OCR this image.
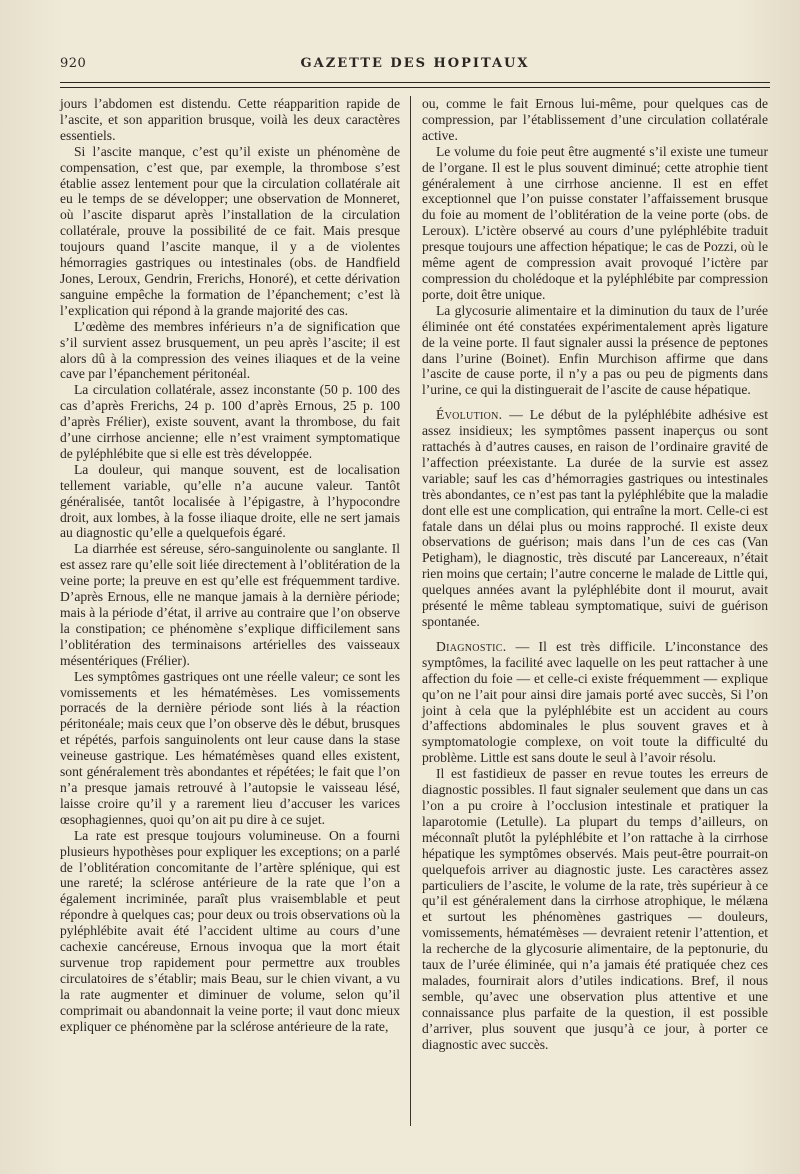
920	GAZETTE DES HOPITAUX

jours l’abdomen est distendu. Cette réapparition rapide de l’ascite, et son apparition brusque, voilà les deux caractères essentiels.

Si l’ascite manque, c’est qu’il existe un phénomène de compensation, c’est que, par exemple, la thrombose s’est établie assez lentement pour que la circulation collatérale ait eu le temps de se développer; une observation de Monneret, où l’ascite disparut après l’installation de la circulation collatérale, prouve la possibilité de ce fait. Mais presque toujours quand l’ascite manque, il y a de violentes hémorragies gastriques ou intestinales (obs. de Handfield Jones, Leroux, Gendrin, Frerichs, Honoré), et cette dérivation sanguine empêche la formation de l’épanchement; c’est là l’explication qui répond à la grande majorité des cas.

L’œdème des membres inférieurs n’a de signification que s’il survient assez brusquement, un peu après l’ascite; il est alors dû à la compression des veines iliaques et de la veine cave par l’épanchement péritonéal.

La circulation collatérale, assez inconstante (50 p. 100 des cas d’après Frerichs, 24 p. 100 d’après Ernous, 25 p. 100 d’après Frélier), existe souvent, avant la thrombose, du fait d’une cirrhose ancienne; elle n’est vraiment symptomatique de pyléphlébite que si elle est très développée.

La douleur, qui manque souvent, est de localisation tellement variable, qu’elle n’a aucune valeur. Tantôt généralisée, tantôt localisée à l’épigastre, à l’hypocondre droit, aux lombes, à la fosse iliaque droite, elle ne sert jamais au diagnostic qu’elle a quelquefois égaré.

La diarrhée est séreuse, séro-sanguinolente ou sanglante. Il est assez rare qu’elle soit liée directement à l’oblitération de la veine porte; la preuve en est qu’elle est fréquemment tardive. D’après Ernous, elle ne manque jamais à la dernière période; mais à la période d’état, il arrive au contraire que l’on observe la constipation; ce phénomène s’explique difficilement sans l’oblitération des terminaisons artérielles des vaisseaux mésentériques (Frélier).

Les symptômes gastriques ont une réelle valeur; ce sont les vomissements et les hématémèses. Les vomissements porracés de la dernière période sont liés à la réaction péritonéale; mais ceux que l’on observe dès le début, brusques et répétés, parfois sanguinolents ont leur cause dans la stase veineuse gastrique. Les hématémèses quand elles existent, sont généralement très abondantes et répétées; le fait que l’on n’a presque jamais retrouvé à l’autopsie le vaisseau lésé, laisse croire qu’il y a rarement lieu d’accuser les varices œsophagiennes, quoi qu’on ait pu dire à ce sujet.

La rate est presque toujours volumineuse. On a fourni plusieurs hypothèses pour expliquer les exceptions; on a parlé de l’oblitération concomitante de l’artère splénique, qui est une rareté; la sclérose antérieure de la rate que l’on a également incriminée, paraît plus vraisemblable et peut répondre à quelques cas; pour deux ou trois observations où la pyléphlébite avait été l’accident ultime au cours d’une cachexie cancéreuse, Ernous invoqua que la mort était survenue trop rapidement pour permettre aux troubles circulatoires de s’établir; mais Beau, sur le chien vivant, a vu la rate augmenter et diminuer de volume, selon qu’il comprimait ou abandonnait la veine porte; il vaut donc mieux expliquer ce phénomène par la sclérose antérieure de la rate,

ou, comme le fait Ernous lui-même, pour quelques cas de compression, par l’établissement d’une circulation collatérale active.

Le volume du foie peut être augmenté s’il existe une tumeur de l’organe. Il est le plus souvent diminué; cette atrophie tient généralement à une cirrhose ancienne. Il est en effet exceptionnel que l’on puisse constater l’affaissement brusque du foie au moment de l’oblitération de la veine porte (obs. de Leroux). L’ictère observé au cours d’une pyléphlébite traduit presque toujours une affection hépatique; le cas de Pozzi, où le même agent de compression avait provoqué l’ictère par compression du cholédoque et la pyléphlébite par compression porte, doit être unique.

La glycosurie alimentaire et la diminution du taux de l’urée éliminée ont été constatées expérimentalement après ligature de la veine porte. Il faut signaler aussi la présence de peptones dans l’urine (Boinet). Enfin Murchison affirme que dans l’ascite de cause porte, il n’y a pas ou peu de pigments dans l’urine, ce qui la distinguerait de l’ascite de cause hépatique.

Évolution. — Le début de la pyléphlébite adhésive est assez insidieux; les symptômes passent inaperçus ou sont rattachés à d’autres causes, en raison de l’ordinaire gravité de l’affection préexistante. La durée de la survie est assez variable; sauf les cas d’hémorragies gastriques ou intestinales très abondantes, ce n’est pas tant la pyléphlébite que la maladie dont elle est une complication, qui entraîne la mort. Celle-ci est fatale dans un délai plus ou moins rapproché. Il existe deux observations de guérison; mais dans l’un de ces cas (Van Petigham), le diagnostic, très discuté par Lancereaux, n’était rien moins que certain; l’autre concerne le malade de Little qui, quelques années avant la pyléphlébite dont il mourut, avait présenté le même tableau symptomatique, suivi de guérison spontanée.

Diagnostic. — Il est très difficile. L’inconstance des symptômes, la facilité avec laquelle on les peut rattacher à une affection du foie — et celle-ci existe fréquemment — explique qu’on ne l’ait pour ainsi dire jamais porté avec succès, Si l’on joint à cela que la pyléphlébite est un accident au cours d’affections abdominales le plus souvent graves et à symptomatologie complexe, on voit toute la difficulté du problème. Little est sans doute le seul à l’avoir résolu.

Il est fastidieux de passer en revue toutes les erreurs de diagnostic possibles. Il faut signaler seulement que dans un cas l’on a pu croire à l’occlusion intestinale et pratiquer la laparotomie (Letulle). La plupart du temps d’ailleurs, on méconnaît plutôt la pyléphlébite et l’on rattache à la cirrhose hépatique les symptômes observés. Mais peut-être pourrait-on quelquefois arriver au diagnostic juste. Les caractères assez particuliers de l’ascite, le volume de la rate, très supérieur à ce qu’il est généralement dans la cirrhose atrophique, le mélæna et surtout les phénomènes gastriques — douleurs, vomissements, hématémèses — devraient retenir l’attention, et la recherche de la glycosurie alimentaire, de la peptonurie, du taux de l’urée éliminée, qui n’a jamais été pratiquée chez ces malades, fournirait alors d’utiles indications. Bref, il nous semble, qu’avec une observation plus attentive et une connaissance plus parfaite de la question, il est possible d’arriver, plus souvent que jusqu’à ce jour, à porter ce diagnostic avec succès.
